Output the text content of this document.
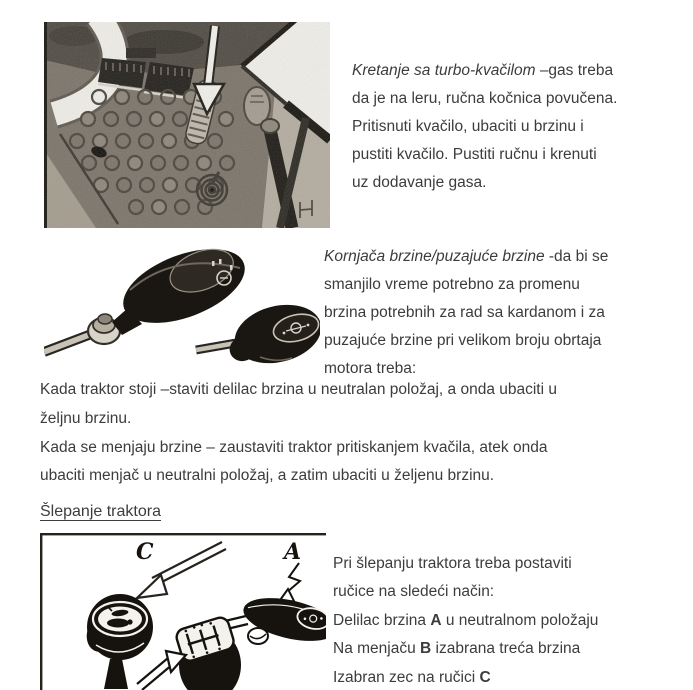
Kretanje sa turbo-kvačilom –gas treba
da je na leru, ručna kočnica povučena.
Pritisnuti kvačilo, ubaciti u brzinu i
pustiti kvačilo. Pustiti ručnu i krenuti
uz dodavanje gasa.
Kornjača brzine/puzajuće brzine -da bi se
smanjilo vreme potrebno za promenu
brzina potrebnih za rad sa kardanom i za
puzajuće brzine pri velikom broju obrtaja
motora treba:
Kada traktor stoji –staviti delilac brzina u neutralan položaj, a onda ubaciti u
željnu brzinu.
Kada se menjaju brzine – zaustaviti traktor pritiskanjem kvačila, atek onda
ubaciti menjač u neutralni položaj, a zatim ubaciti u željenu brzinu.
Šlepanje traktora
C	A Pri šlepanju traktora treba postaviti
ručice na sledeći način:
Delilac brzina A u neutralnom položaju
Na menjaču B izabrana treća brzina
Izabran zec na ručici C
